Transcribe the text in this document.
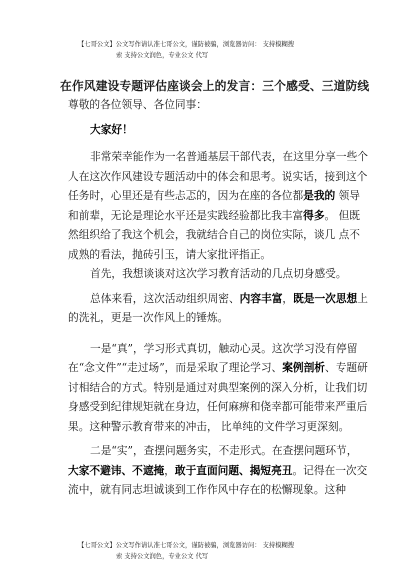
【七哥公文】公文写作请认准七哥公文，谨防被骗，浏览器访问： 支持模糊搜
索 支持公文润色，专业公文 代写
在作风建设专题评估座谈会上的发言：三个感受、三道防线

尊敬的各位领导、各位同事：

大家好！

非常荣幸能作为一名普通基层干部代表，在这里分享一些个人在这次作风建设专题活动中的体会和思考。说实话，接到这个任务时，心里还是有些忐忑的，因为在座的各位都是我的 领导和前辈，无论是理论水平还是实践经验都比我丰富得多。 但既然组织给了我这个机会，我就结合自己的岗位实际，谈几 点不成熟的看法，抛砖引玉，请大家批评指正。

首先，我想谈谈对这次学习教育活动的几点切身感受。

总体来看，这次活动组织周密、内容丰富，既是一次思想上的洗礼，更是一次作风上的锤炼。

一是“真”，学习形式真切，触动心灵。这次学习没有停留在“念文件”“走过场”，而是采取了理论学习、案例剖析、专题研讨相结合的方式。特别是通过对典型案例的深入分析，让我们切身感受到纪律规矩就在身边，任何麻痹和侥幸都可能带来严重后果。这种警示教育带来的冲击， 比单纯的文件学习更深刻。

二是“实”，查摆问题务实，不走形式。在查摆问题环节，大家不避讳、不遮掩，敢于直面问题、揭短亮丑。记得在一次交流中，就有同志坦诚谈到工作作风中存在的松懈现象。这种

【七哥公文】公文写作请认准七哥公文，谨防被骗，浏览器访问： 支持模糊搜
索 支持公文润色，专业公文 代写
